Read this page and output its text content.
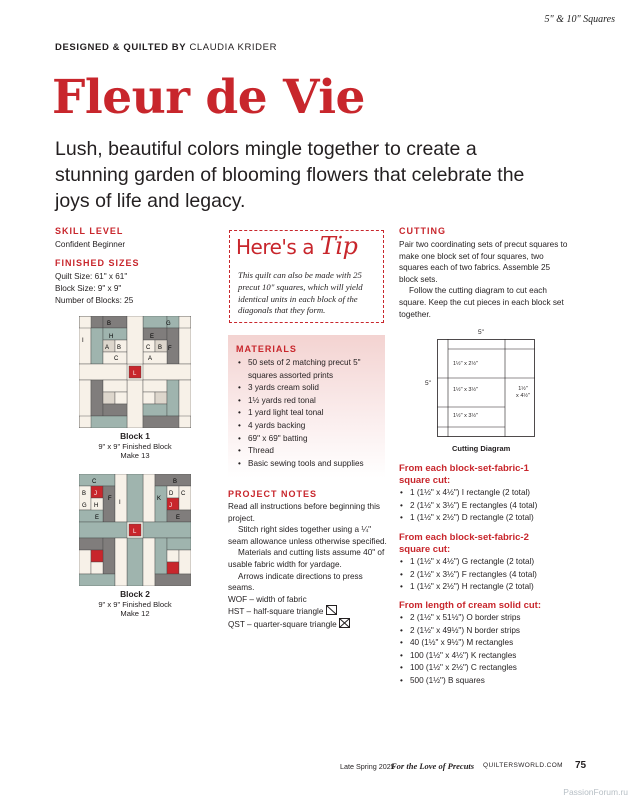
5" & 10" Squares
DESIGNED & QUILTED BY CLAUDIA KRIDER
Fleur de Vie
Lush, beautiful colors mingle together to create a stunning garden of blooming flowers that celebrate the joys of life and legacy.
SKILL LEVEL
Confident Beginner
FINISHED SIZES
Quilt Size: 61" x 61"
Block Size: 9" x 9"
Number of Blocks: 25
B	G
H
I
E
A B	C B F
C	A
L
Block 1
9" x 9" Finished Block
Make 13
C	B
B J
F	K
D
J
C
G H	I
E
E
L
Block 2
9" x 9" Finished Block
Make 12
Here's a Tip
This quilt can also be made with 25 precut 10" squares, which will yield identical units in each block of the diagonals that they form.
MATERIALS
• 50 sets of 2 matching precut 5" squares assorted prints
• 3 yards cream solid
• 1½ yards red tonal
• 1 yard light teal tonal
• 4 yards backing
• 69" x 69" batting
• Thread
• Basic sewing tools and supplies
PROJECT NOTES
Read all instructions before beginning this project.
Stitch right sides together using a ¼" seam allowance unless otherwise specified.
Materials and cutting lists assume 40" of usable fabric width for yardage.
Arrows indicate directions to press seams.
WOF – width of fabric
HST – half-square triangle
QST – quarter-square triangle
CUTTING
Pair two coordinating sets of precut squares to make one block set of four squares, two squares each of two fabrics. Assemble 25 block sets.
Follow the cutting diagram to cut each square. Keep the cut pieces in each block set together.
5"
5"
1½" x 2½"
1½" x 3½"
1½" x 3½"
1½"
x 4½"
Cutting Diagram
From each block-set-fabric-1 square cut:
• 1 (1½" x 4½") I rectangle (2 total)
• 2 (1½" x 3½") E rectangles (4 total)
• 1 (1½" x 2½") D rectangle (2 total)
From each block-set-fabric-2 square cut:
• 1 (1½" x 4½") G rectangle (2 total)
• 2 (1½" x 3½") F rectangles (4 total)
• 1 (1½" x 2½") H rectangle (2 total)
From length of cream solid cut:
• 2 (1½" x 51½") O border strips
• 2 (1½" x 49½") N border strips
• 40 (1½" x 9½") M rectangles
• 100 (1½" x 4½") K rectangles
• 100 (1½" x 2½") C rectangles
• 500 (1½") B squares
Late Spring 2025
For the Love of Precuts QUILTERSWORLD.COM 75
PassionForum.ru
